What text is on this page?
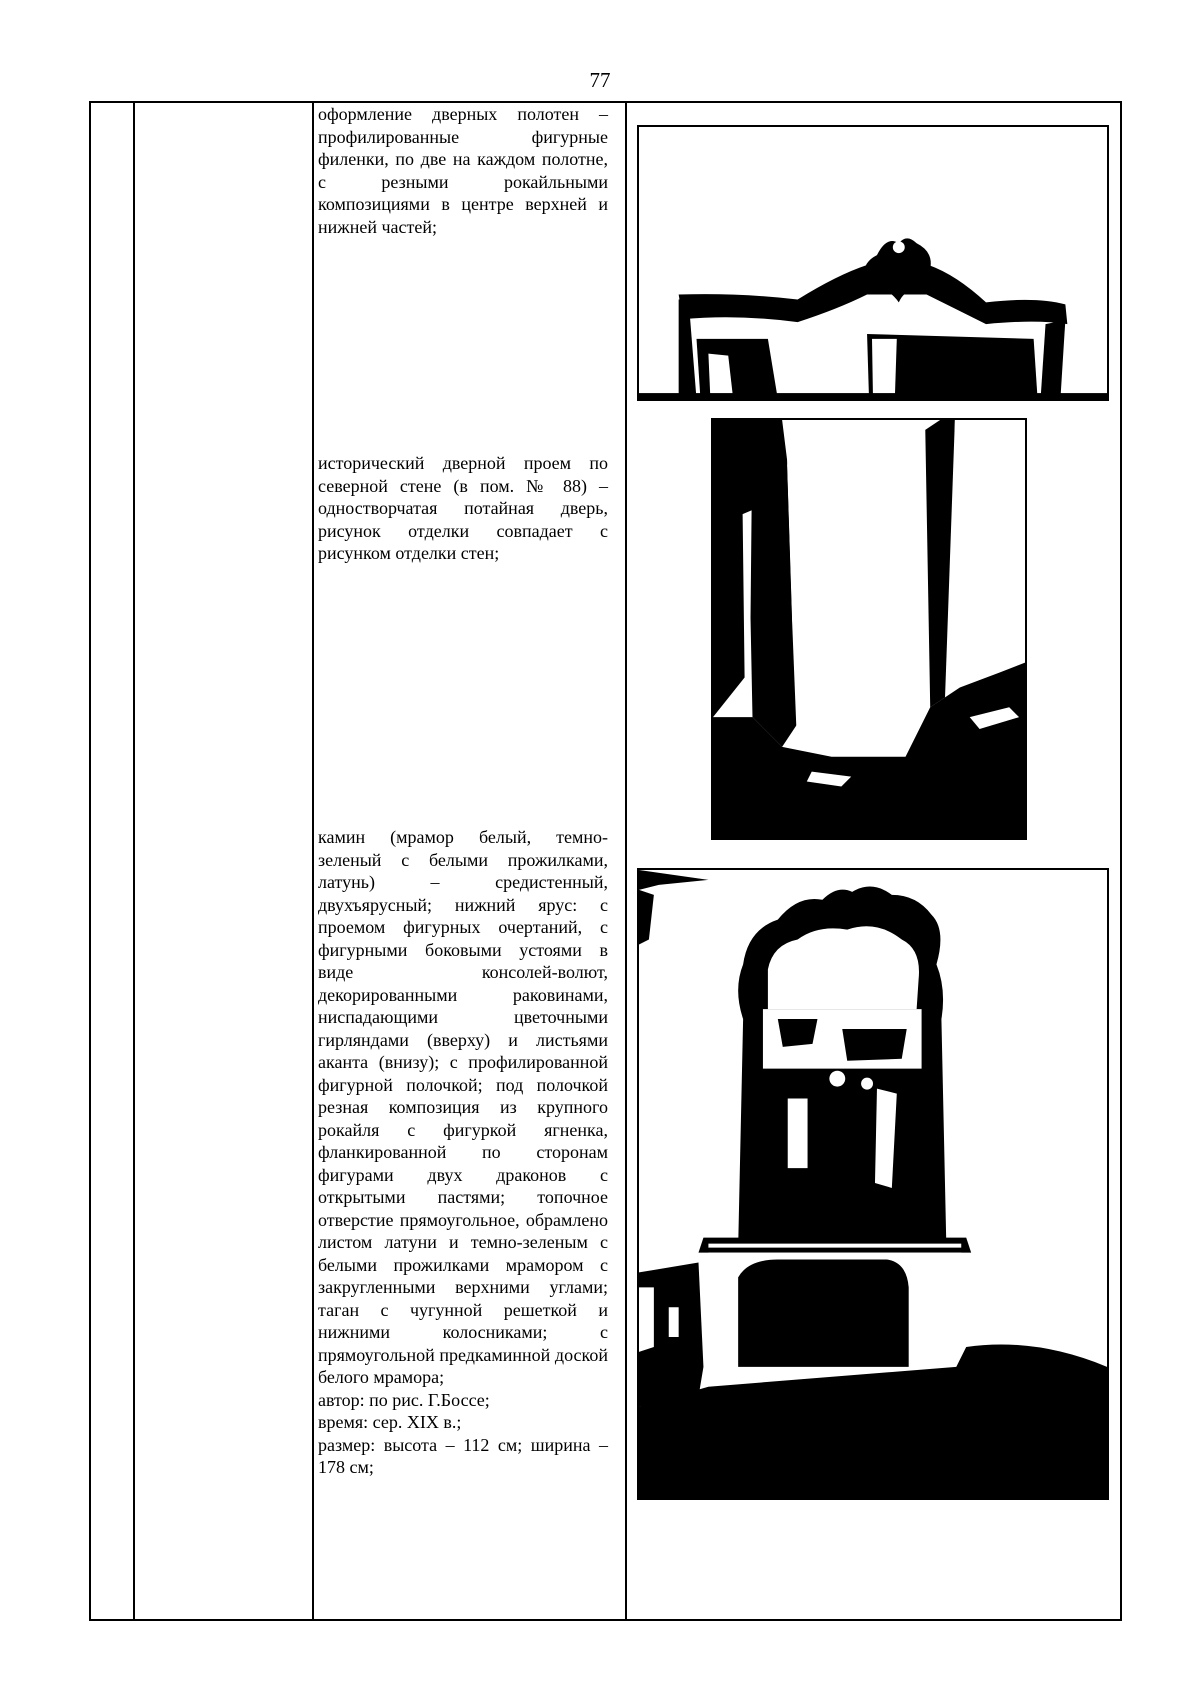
77

оформление дверных полотен – профилированные фигурные филенки, по две на каждом полотне, с резными рокайльными композициями в центре верхней и нижней частей;

исторический дверной проем по северной стене (в пом. № 88) – одностворчатая потайная дверь, рисунок отделки совпадает с рисунком отделки стен;

камин (мрамор белый, темно-зеленый с белыми прожилками, латунь) – средистенный, двухъярусный; нижний ярус: с проемом фигурных очертаний, с фигурными боковыми устоями в виде консолей-волют, декорированными раковинами, ниспадающими цветочными гирляндами (вверху) и листьями аканта (внизу); с профилированной фигурной полочкой; под полочкой резная композиция из крупного рокайля с фигуркой ягненка, фланкированной по сторонам фигурами двух драконов с открытыми пастями; топочное отверстие прямоугольное, обрамлено листом латуни и темно-зеленым с белыми прожилками мрамором с закругленными верхними углами; таган с чугунной решеткой и нижними колосниками; с прямоугольной предкаминной доской белого мрамора;

автор: по рис. Г.Боссе;

время: сер. XIX в.;

размер: высота – 112 см; ширина – 178 см;
